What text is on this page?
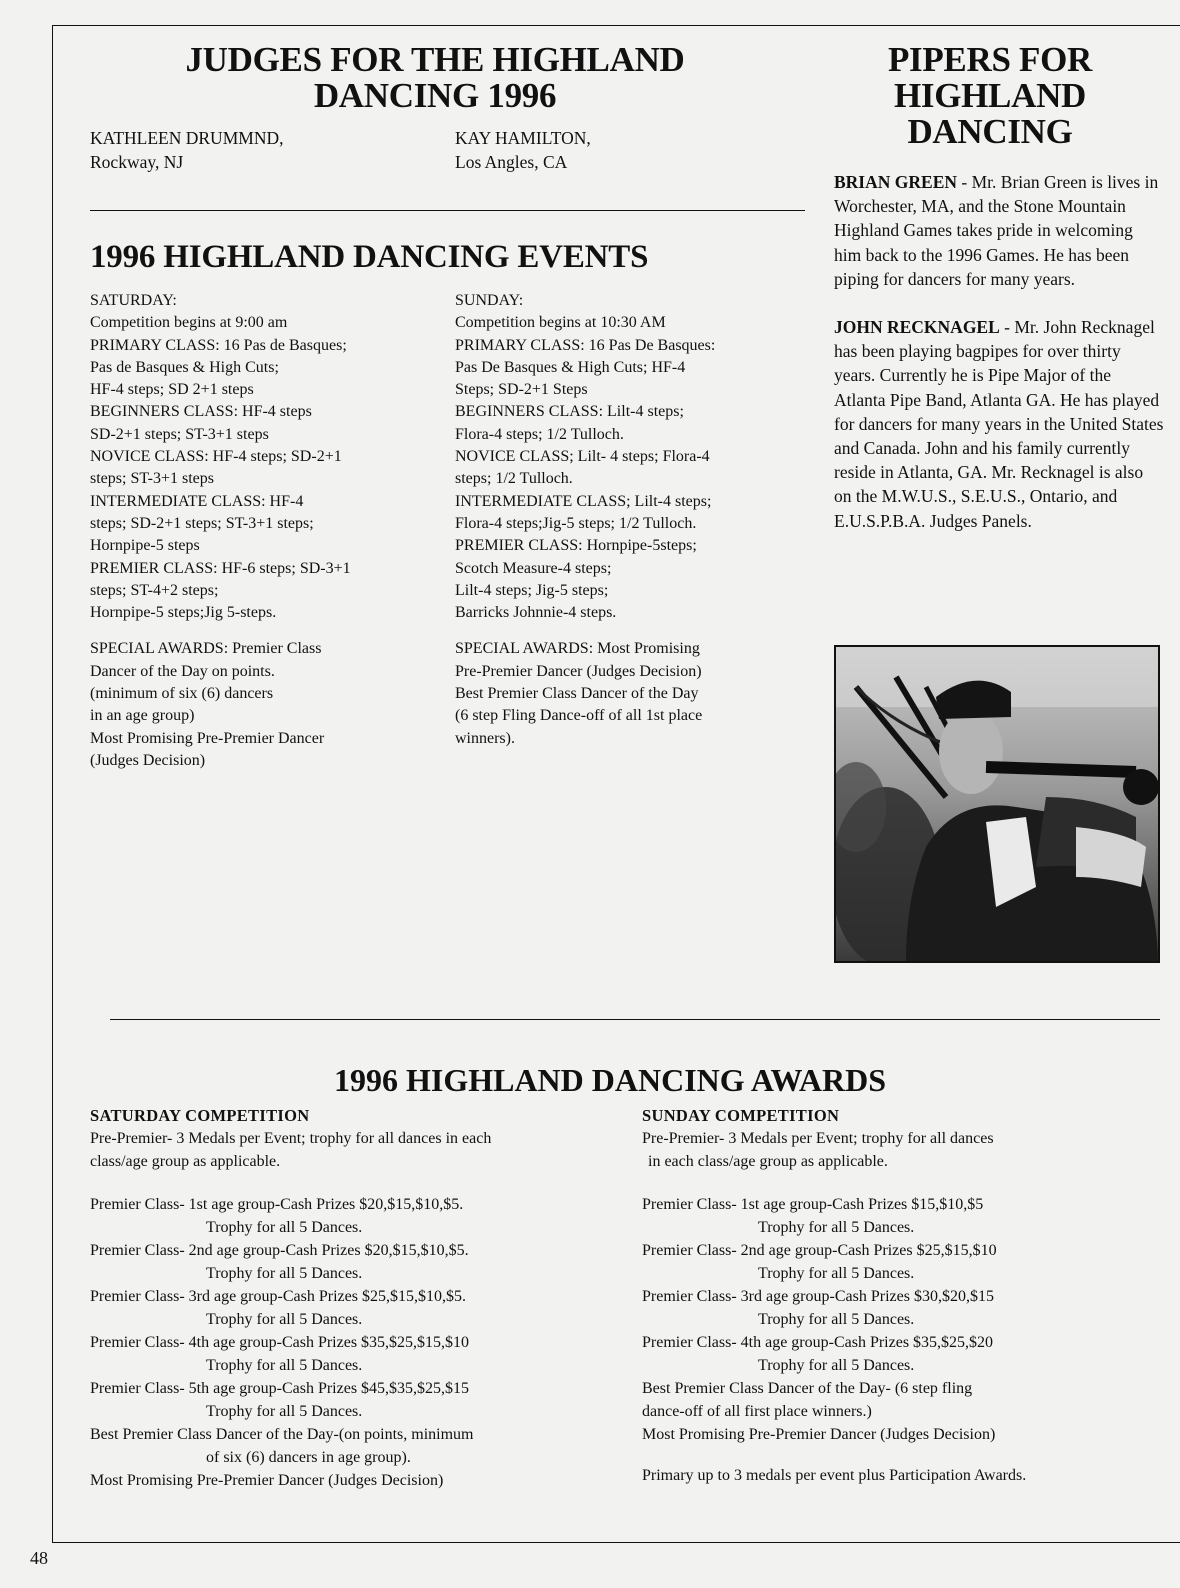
JUDGES FOR THE HIGHLAND
DANCING 1996
KATHLEEN DRUMMND,
Rockway, NJ
KAY HAMILTON,
Los Angles, CA
PIPERS FOR
HIGHLAND
DANCING
1996 HIGHLAND DANCING EVENTS

SATURDAY:

Competition begins at 9:00 am

PRIMARY CLASS: 16 Pas de Basques;

Pas de Basques & High Cuts;

HF-4 steps; SD 2+1 steps

BEGINNERS CLASS: HF-4 steps

SD-2+1 steps; ST-3+1 steps

NOVICE CLASS: HF-4 steps; SD-2+1

steps; ST-3+1 steps

INTERMEDIATE CLASS: HF-4

steps; SD-2+1 steps; ST-3+1 steps;

Hornpipe-5 steps

PREMIER CLASS: HF-6 steps; SD-3+1

steps; ST-4+2 steps;

Hornpipe-5 steps;Jig 5-steps.

SPECIAL AWARDS: Premier Class

Dancer of the Day on points.

(minimum of six (6) dancers

in an age group)

Most Promising Pre-Premier Dancer

(Judges Decision)

SUNDAY:

Competition begins at 10:30 AM

PRIMARY CLASS: 16 Pas De Basques:

Pas De Basques & High Cuts; HF-4

Steps; SD-2+1 Steps

BEGINNERS CLASS: Lilt-4 steps;

Flora-4 steps; 1/2 Tulloch.

NOVICE CLASS; Lilt- 4 steps; Flora-4

steps; 1/2 Tulloch.

INTERMEDIATE CLASS; Lilt-4 steps;

Flora-4 steps;Jig-5 steps; 1/2 Tulloch.

PREMIER CLASS: Hornpipe-5steps;

Scotch Measure-4 steps;

Lilt-4 steps; Jig-5 steps;

Barricks Johnnie-4 steps.

SPECIAL AWARDS: Most Promising

Pre-Premier Dancer (Judges Decision)

Best Premier Class Dancer of the Day

(6 step Fling Dance-off of all 1st place

winners).

BRIAN GREEN - Mr. Brian Green is lives in Worchester, MA, and the Stone Mountain Highland Games takes pride in welcoming him back to the 1996 Games. He has been piping for dancers for many years.

JOHN RECKNAGEL - Mr. John Recknagel has been playing bagpipes for over thirty years. Currently he is Pipe Major of the Atlanta Pipe Band, Atlanta GA. He has played for dancers for many years in the United States and Canada. John and his family currently reside in Atlanta, GA. Mr. Recknagel is also on the M.W.U.S., S.E.U.S., Ontario, and E.U.S.P.B.A. Judges Panels.

1996 HIGHLAND DANCING AWARDS

SATURDAY COMPETITION

Pre-Premier- 3 Medals per Event; trophy for all dances in each

class/age group as applicable.

Premier Class- 1st age group-Cash Prizes $20,$15,$10,$5.

Trophy for all 5 Dances.

Premier Class- 2nd age group-Cash Prizes $20,$15,$10,$5.

Trophy for all 5 Dances.

Premier Class- 3rd age group-Cash Prizes $25,$15,$10,$5.

Trophy for all 5 Dances.

Premier Class- 4th age group-Cash Prizes $35,$25,$15,$10

Trophy for all 5 Dances.

Premier Class- 5th age group-Cash Prizes $45,$35,$25,$15

Trophy for all 5 Dances.

Best Premier Class Dancer of the Day-(on points, minimum

of six (6) dancers in age group).

Most Promising Pre-Premier Dancer (Judges Decision)

SUNDAY COMPETITION

Pre-Premier- 3 Medals per Event; trophy for all dances

in each class/age group as applicable.

Premier Class- 1st age group-Cash Prizes $15,$10,$5

Trophy for all 5 Dances.

Premier Class- 2nd age group-Cash Prizes $25,$15,$10

Trophy for all 5 Dances.

Premier Class- 3rd age group-Cash Prizes $30,$20,$15

Trophy for all 5 Dances.

Premier Class- 4th age group-Cash Prizes $35,$25,$20

Trophy for all 5 Dances.

Best Premier Class Dancer of the Day- (6 step fling

dance-off of all first place winners.)

Most Promising Pre-Premier Dancer (Judges Decision)

Primary up to 3 medals per event plus Participation Awards.

48
